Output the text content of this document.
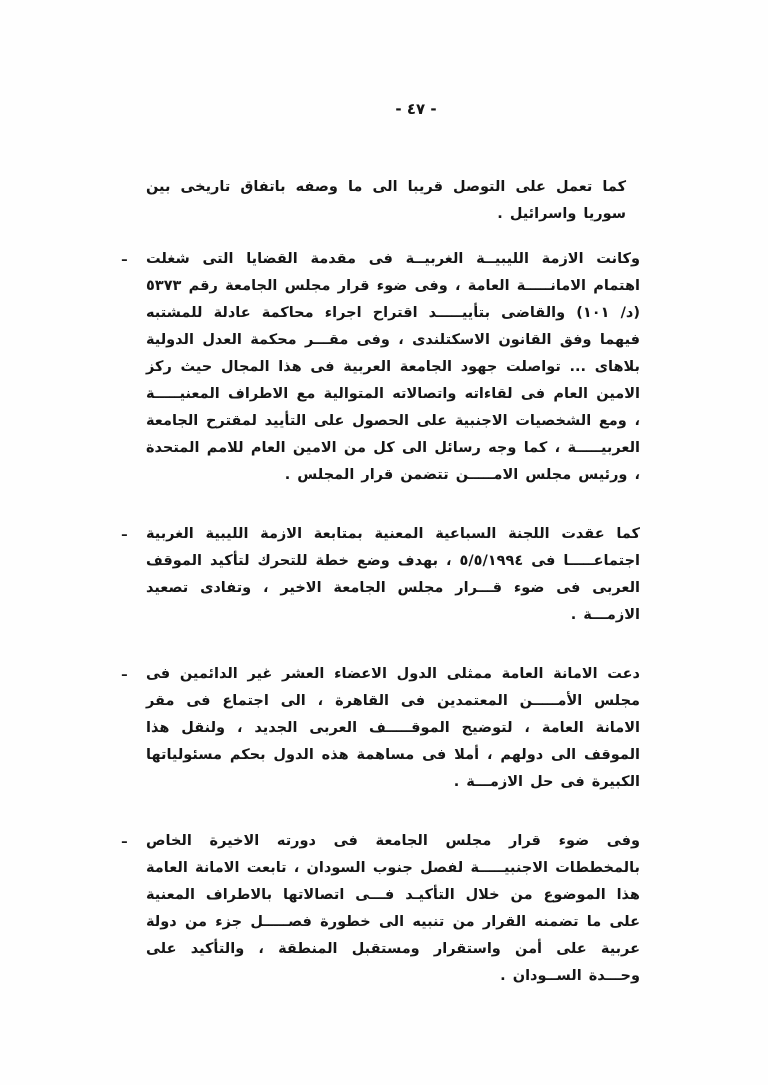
- ٤٧ -
كما تعمل على التوصل قريبا الى ما وصفه باتفاق تاريخى بين سوريا واسرائيل .
ـ	وكانت الازمة الليبيــة الغربيــة فى مقدمة القضايا التى شغلت اهتمام الامانـــــة العامة ، وفى ضوء قرار مجلس الجامعة رقم ٥٣٧٣ (د/ ١٠١) والقاضى بتأييـــــد اقتراح اجراء محاكمة عادلة للمشتبه فيهما وفق القانون الاسكتلندى ، وفى مقـــر محكمة العدل الدولية بلاهاى ... تواصلت جهود الجامعة العربية فى هذا المجال حيث ركز الامين العام فى لقاءاته واتصالاته المتوالية مع الاطراف المعنيـــــة ، ومع الشخصيات الاجنبية على الحصول على التأييد لمقترح الجامعة العربيـــــة ، كما وجه رسائل الى كل من الامين العام للامم المتحدة ، ورئيس مجلس الامـــــن تتضمن قرار المجلس .
ـ	كما عقدت اللجنة السباعية المعنية بمتابعة الازمة الليبية الغربية اجتماعـــــا فى ٥/٥/١٩٩٤ ، بهدف وضع خطة للتحرك لتأكيد الموقف العربى فى ضوء قـــرار مجلس الجامعة الاخير ، وتفادى تصعيد الازمـــة .
ـ	دعت الامانة العامة ممثلى الدول الاعضاء العشر غير الدائمين فى مجلس الأمـــــن المعتمدين فى القاهرة ، الى اجتماع فى مقر الامانة العامة ، لتوضيح الموقـــــف العربى الجديد ، ولنقل هذا الموقف الى دولهم ، أملا فى مساهمة هذه الدول بحكم مسئولياتها الكبيرة فى حل الازمـــة .
ـ	وفى ضوء قرار مجلس الجامعة فى دورته الاخيرة الخاص بالمخططات الاجنبيـــــة لفصل جنوب السودان ، تابعت الامانة العامة هذا الموضوع من خلال التأكيـد فـــى اتصالاتها بالاطراف المعنية على ما تضمنه القرار من تنبيه الى خطورة فصـــــل جزء من دولة عربية على أمن واستقرار ومستقبل المنطقة ، والتأكيد على وحـــدة الســودان .
